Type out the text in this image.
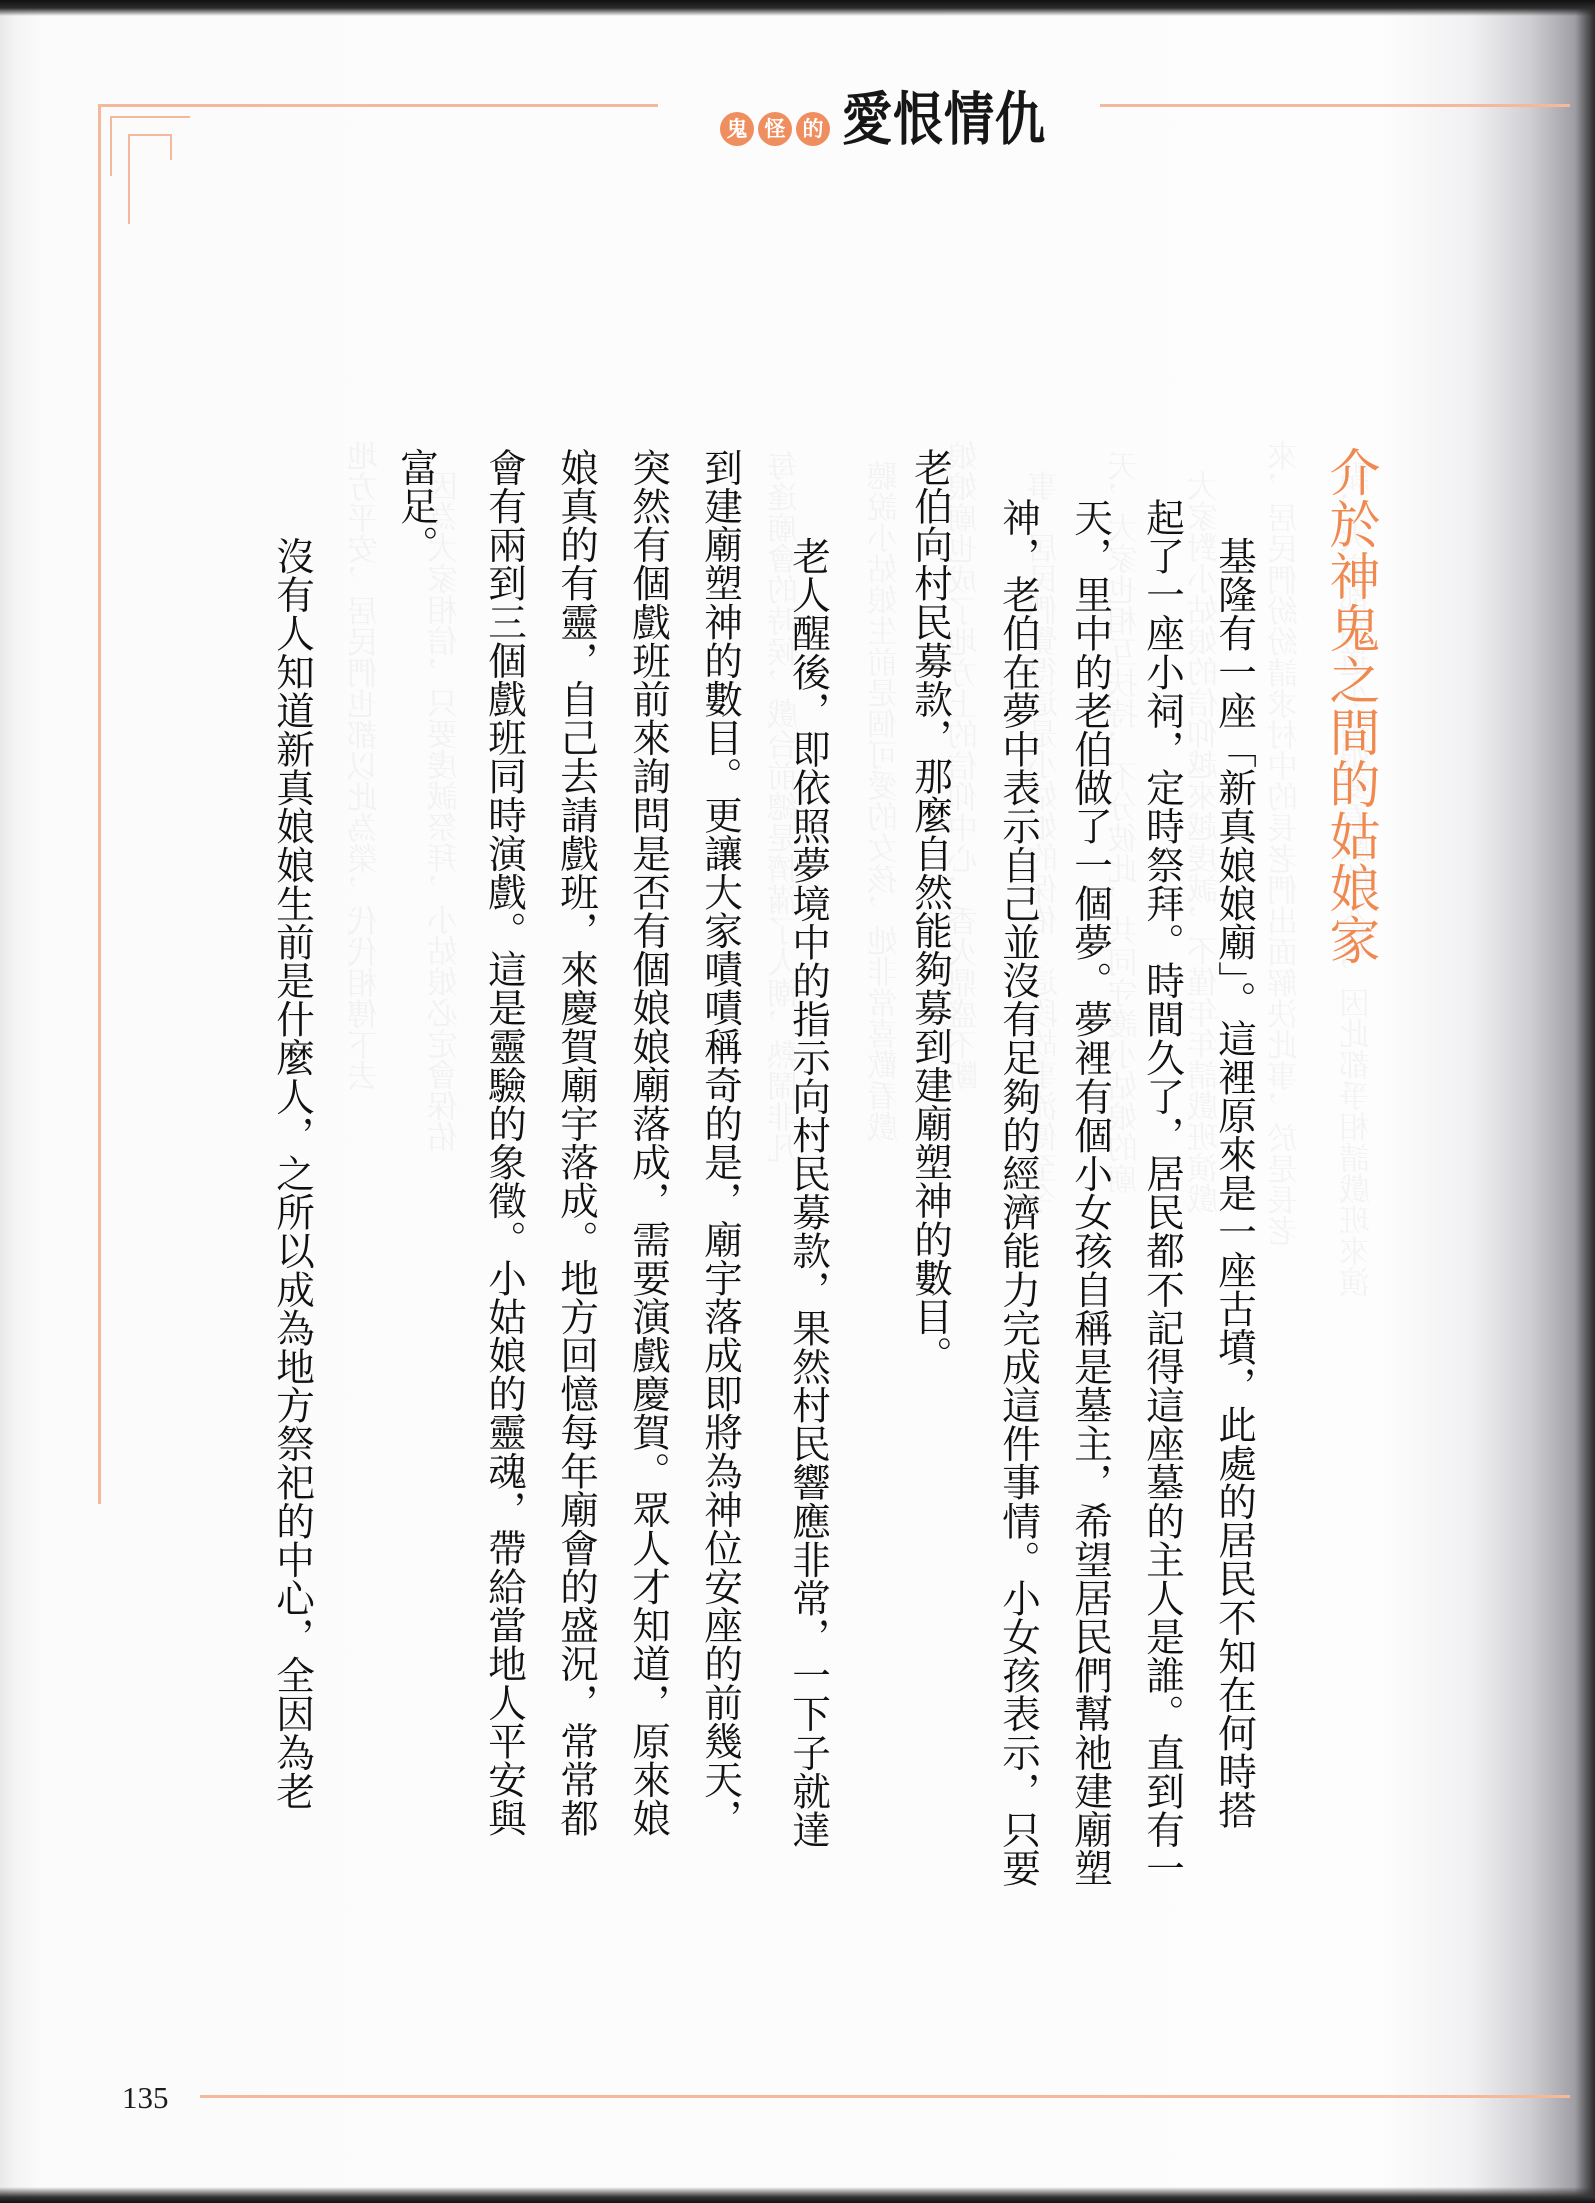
鬼 怪 的 愛恨情仇
介於神鬼之間的姑娘家
　基隆有一座「新真娘娘廟」。這裡原來是一座古墳，此處的居民不知在何時搭
起了一座小祠，定時祭拜。時間久了，居民都不記得這座墓的主人是誰。直到有一
天，里中的老伯做了一個夢。夢裡有個小女孩自稱是墓主，希望居民們幫祂建廟塑
神，老伯在夢中表示自己並沒有足夠的經濟能力完成這件事情。小女孩表示，只要
老伯向村民募款，那麼自然能夠募到建廟塑神的數目。
　老人醒後，即依照夢境中的指示向村民募款，果然村民響應非常，一下子就達
到建廟塑神的數目。更讓大家嘖嘖稱奇的是，廟宇落成即將為神位安座的前幾天，
突然有個戲班前來詢問是否有個娘娘廟落成，需要演戲慶賀。眾人才知道，原來娘
娘真的有靈，自己去請戲班，來慶賀廟宇落成。地方回憶每年廟會的盛況，常常都
會有兩到三個戲班同時演戲。這是靈驗的象徵。小姑娘的靈魂，帶給當地人平安與
富足。
　沒有人知道新真娘娘生前是什麼人，之所以成為地方祭祀的中心，全因為老
135
